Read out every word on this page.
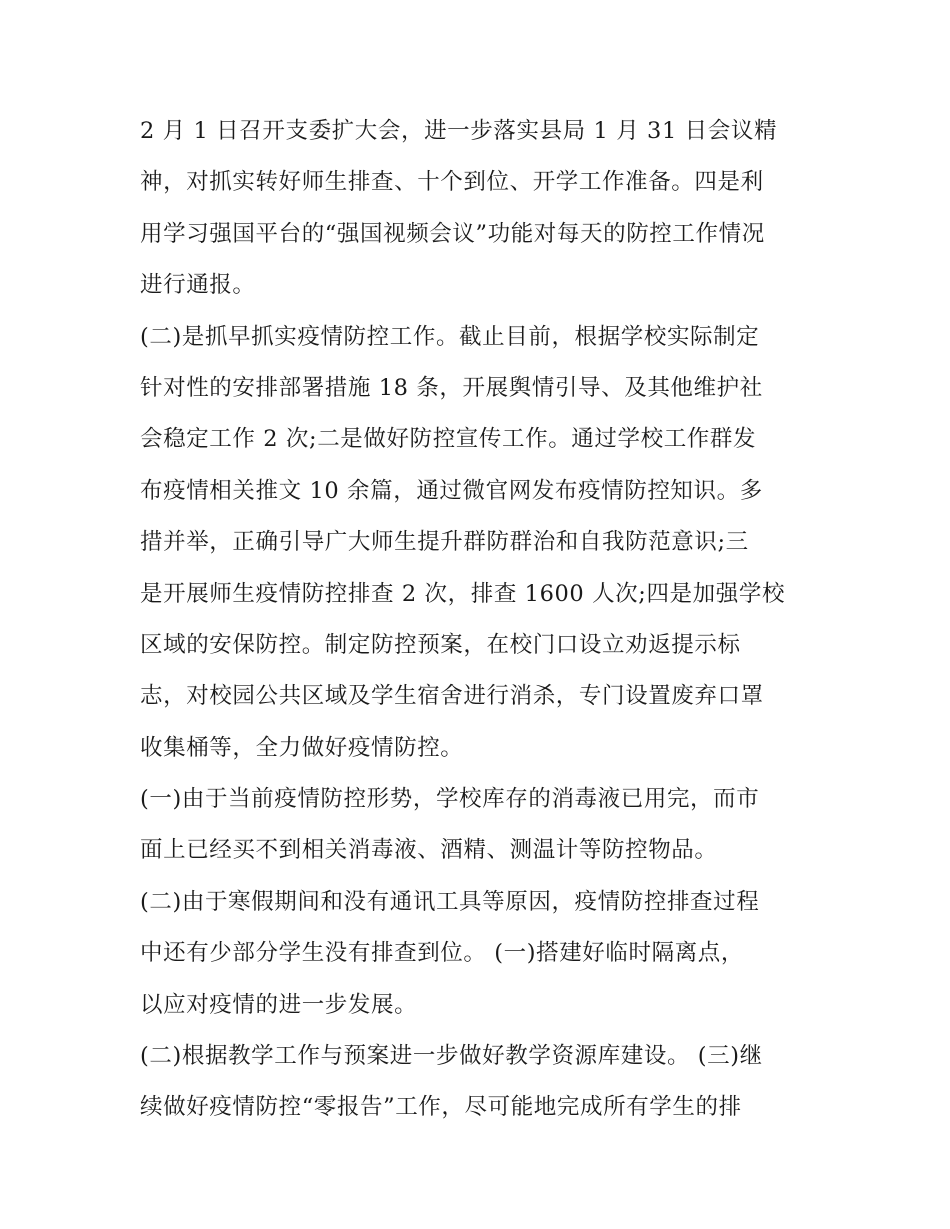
2 月 1 日召开支委扩大会，进一步落实县局 1 月 31 日会议精
神，对抓实转好师生排查、十个到位、开学工作准备。四是利
用学习强国平台的“强国视频会议”功能对每天的防控工作情况
进行通报。
(二)是抓早抓实疫情防控工作。截止目前，根据学校实际制定
针对性的安排部署措施 18 条，开展舆情引导、及其他维护社
会稳定工作 2 次;二是做好防控宣传工作。通过学校工作群发
布疫情相关推文 10 余篇，通过微官网发布疫情防控知识。多
措并举，正确引导广大师生提升群防群治和自我防范意识;三
是开展师生疫情防控排查 2 次，排查 1600 人次;四是加强学校
区域的安保防控。制定防控预案，在校门口设立劝返提示标
志，对校园公共区域及学生宿舍进行消杀，专门设置废弃口罩
收集桶等，全力做好疫情防控。
(一)由于当前疫情防控形势，学校库存的消毒液已用完，而市
面上已经买不到相关消毒液、酒精、测温计等防控物品。
(二)由于寒假期间和没有通讯工具等原因，疫情防控排查过程
中还有少部分学生没有排查到位。 (一)搭建好临时隔离点，
以应对疫情的进一步发展。
(二)根据教学工作与预案进一步做好教学资源库建设。 (三)继
续做好疫情防控“零报告”工作，尽可能地完成所有学生的排
